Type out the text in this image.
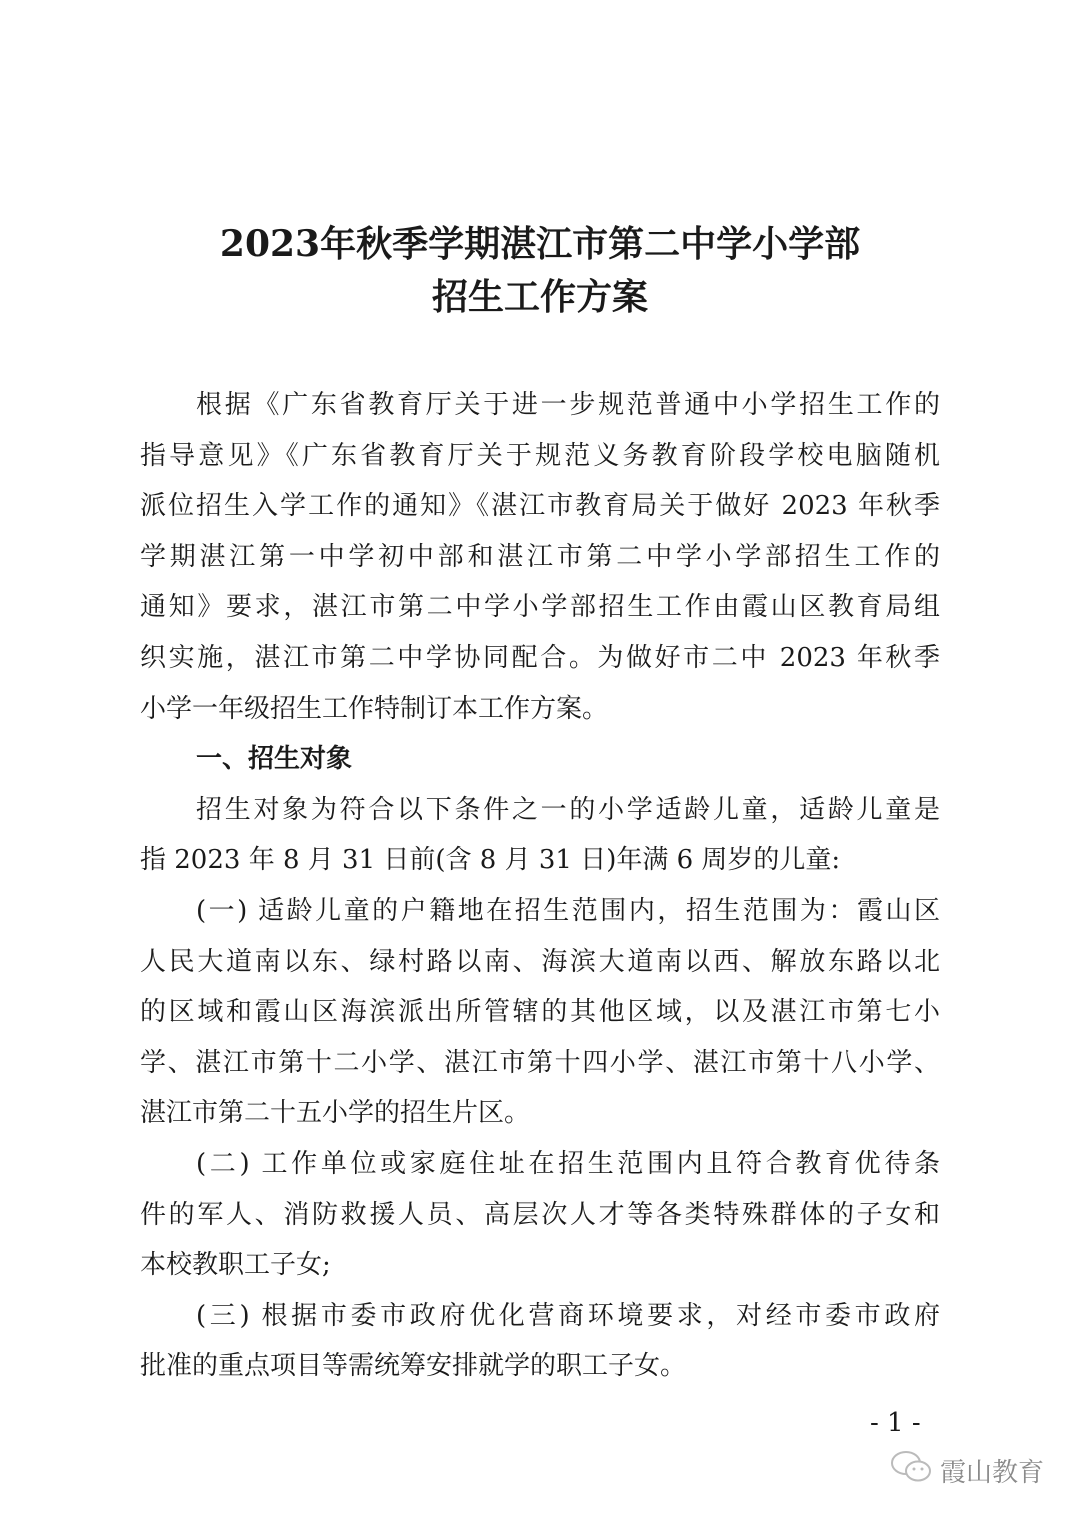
2023年秋季学期湛江市第二中学小学部
招生工作方案
根据《广东省教育厅关于进一步规范普通中小学招生工作的
指导意见》《广东省教育厅关于规范义务教育阶段学校电脑随机
派位招生入学工作的通知》《湛江市教育局关于做好 2023 年秋季
学期湛江第一中学初中部和湛江市第二中学小学部招生工作的
通知》要求，湛江市第二中学小学部招生工作由霞山区教育局组
织实施，湛江市第二中学协同配合。为做好市二中 2023 年秋季
小学一年级招生工作特制订本工作方案。
一、招生对象
招生对象为符合以下条件之一的小学适龄儿童，适龄儿童是
指 2023 年 8 月 31 日前(含 8 月 31 日)年满 6 周岁的儿童:
(一) 适龄儿童的户籍地在招生范围内，招生范围为：霞山区
人民大道南以东、绿村路以南、海滨大道南以西、解放东路以北
的区域和霞山区海滨派出所管辖的其他区域，以及湛江市第七小
学、湛江市第十二小学、湛江市第十四小学、湛江市第十八小学、
湛江市第二十五小学的招生片区。
(二) 工作单位或家庭住址在招生范围内且符合教育优待条
件的军人、消防救援人员、高层次人才等各类特殊群体的子女和
本校教职工子女;
(三) 根据市委市政府优化营商环境要求，对经市委市政府
批准的重点项目等需统筹安排就学的职工子女。
- 1 -
霞山教育
